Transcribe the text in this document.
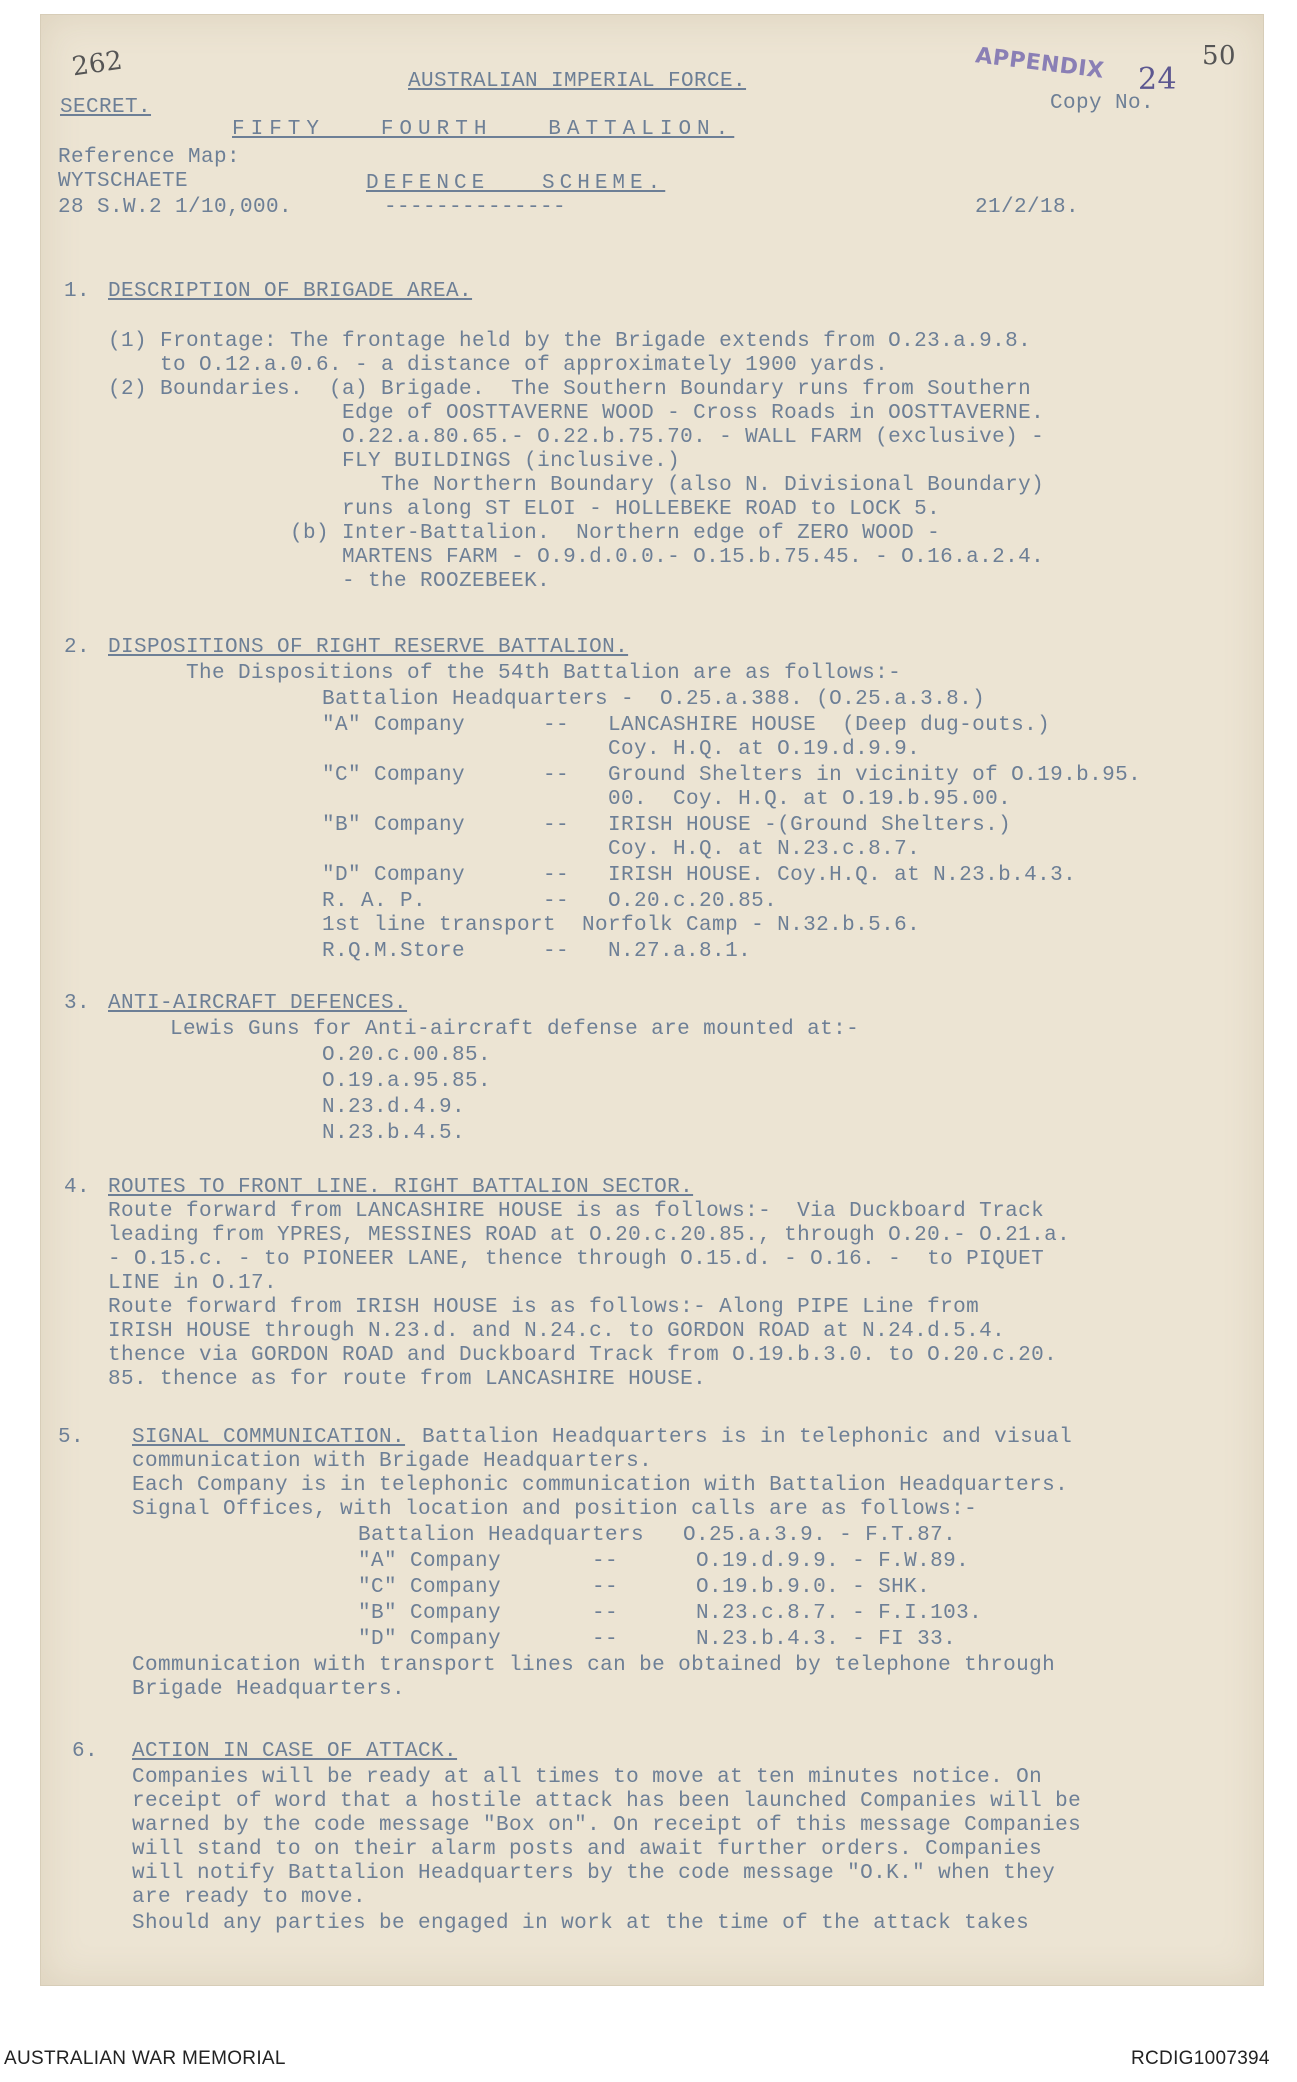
262	50
APPENDIX 24
AUSTRALIAN IMPERIAL FORCE.
SECRET.	Copy No.
FIFTY   FOURTH   BATTALION.
Reference Map:
WYTSCHAETE	DEFENCE   SCHEME.
28 S.W.2 1/10,000.	--------------	21/2/18.
1. DESCRIPTION OF BRIGADE AREA.
(1) Frontage: The frontage held by the Brigade extends from O.23.a.9.8.
to O.12.a.0.6. - a distance of approximately 1900 yards.
(2) Boundaries.  (a) Brigade.  The Southern Boundary runs from Southern
Edge of OOSTTAVERNE WOOD - Cross Roads in OOSTTAVERNE.
O.22.a.80.65.- O.22.b.75.70. - WALL FARM (exclusive) -
FLY BUILDINGS (inclusive.)
The Northern Boundary (also N. Divisional Boundary)
runs along ST ELOI - HOLLEBEKE ROAD to LOCK 5.
(b) Inter-Battalion.  Northern edge of ZERO WOOD -
MARTENS FARM - O.9.d.0.0.- O.15.b.75.45. - O.16.a.2.4.
- the ROOZEBEEK.
2. DISPOSITIONS OF RIGHT RESERVE BATTALION.
The Dispositions of the 54th Battalion are as follows:-
Battalion Headquarters -  O.25.a.388. (O.25.a.3.8.)
"A" Company      --   LANCASHIRE HOUSE  (Deep dug-outs.)
Coy. H.Q. at O.19.d.9.9.
"C" Company      --   Ground Shelters in vicinity of O.19.b.95.
00.  Coy. H.Q. at O.19.b.95.00.
"B" Company      --   IRISH HOUSE -(Ground Shelters.)
Coy. H.Q. at N.23.c.8.7.
"D" Company      --   IRISH HOUSE. Coy.H.Q. at N.23.b.4.3.
R. A. P.         --   O.20.c.20.85.
1st line transport  Norfolk Camp - N.32.b.5.6.
R.Q.M.Store      --   N.27.a.8.1.
3. ANTI-AIRCRAFT DEFENCES.
Lewis Guns for Anti-aircraft defense are mounted at:-
O.20.c.00.85.
O.19.a.95.85.
N.23.d.4.9.
N.23.b.4.5.
4. ROUTES TO FRONT LINE. RIGHT BATTALION SECTOR.
Route forward from LANCASHIRE HOUSE is as follows:-  Via Duckboard Track
leading from YPRES, MESSINES ROAD at O.20.c.20.85., through O.20.- O.21.a.
- O.15.c. - to PIONEER LANE, thence through O.15.d. - O.16. -  to PIQUET
LINE in O.17.
Route forward from IRISH HOUSE is as follows:- Along PIPE Line from
IRISH HOUSE through N.23.d. and N.24.c. to GORDON ROAD at N.24.d.5.4.
thence via GORDON ROAD and Duckboard Track from O.19.b.3.0. to O.20.c.20.
85. thence as for route from LANCASHIRE HOUSE.
5. SIGNAL COMMUNICATION.
Battalion Headquarters is in telephonic and visual
communication with Brigade Headquarters.
Each Company is in telephonic communication with Battalion Headquarters.
Signal Offices, with location and position calls are as follows:-
Battalion Headquarters   O.25.a.3.9. - F.T.87.
"A" Company       --      O.19.d.9.9. - F.W.89.
"C" Company       --      O.19.b.9.0. - SHK.
"B" Company       --      N.23.c.8.7. - F.I.103.
"D" Company       --      N.23.b.4.3. - FI 33.
Communication with transport lines can be obtained by telephone through
Brigade Headquarters.
6. ACTION IN CASE OF ATTACK.
Companies will be ready at all times to move at ten minutes notice. On
receipt of word that a hostile attack has been launched Companies will be
warned by the code message "Box on". On receipt of this message Companies
will stand to on their alarm posts and await further orders. Companies
will notify Battalion Headquarters by the code message "O.K." when they
are ready to move.
Should any parties be engaged in work at the time of the attack takes
AUSTRALIAN WAR MEMORIAL	RCDIG1007394
